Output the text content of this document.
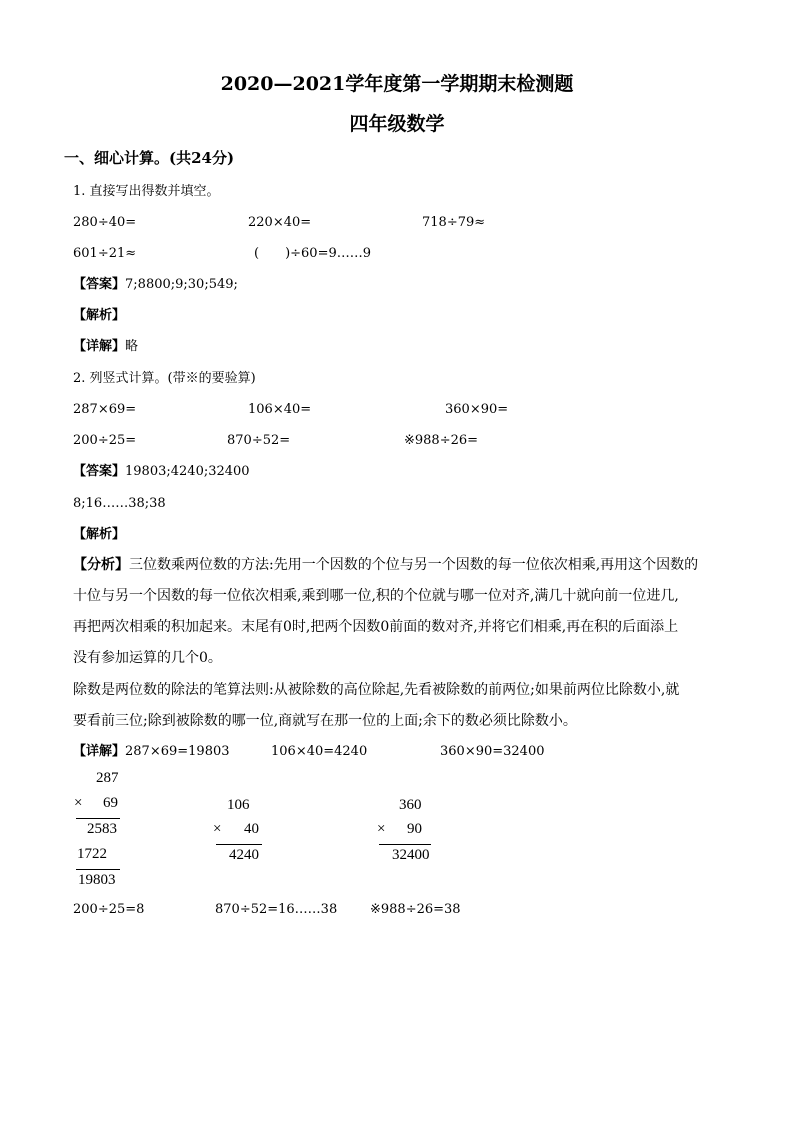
2020—2021学年度第一学期期末检测题
四年级数学
一、细心计算。(共24分)
1. 直接写出得数并填空。
280÷40=	220×40=	718÷79≈
601÷21≈	(　　)÷60=9……9
【答案】7;8800;9;30;549;
【解析】
【详解】略
2. 列竖式计算。(带※的要验算)
287×69=	106×40=	360×90=
200÷25=	870÷52=	※988÷26=
【答案】19803;4240;32400
8;16……38;38
【解析】
【分析】三位数乘两位数的方法:先用一个因数的个位与另一个因数的每一位依次相乘,再用这个因数的
十位与另一个因数的每一位依次相乘,乘到哪一位,积的个位就与哪一位对齐,满几十就向前一位进几,
再把两次相乘的积加起来。末尾有0时,把两个因数0前面的数对齐,并将它们相乘,再在积的后面添上
没有参加运算的几个0。
除数是两位数的除法的笔算法则:从被除数的高位除起,先看被除数的前两位;如果前两位比除数小,就
要看前三位;除到被除数的哪一位,商就写在那一位的上面;余下的数必须比除数小。
【详解】287×69=19803	106×40=4240	360×90=32400
287
× 69
2583
1722
19803
106
× 40
4240
360
× 90
32400
200÷25=8	870÷52=16……38	※988÷26=38
